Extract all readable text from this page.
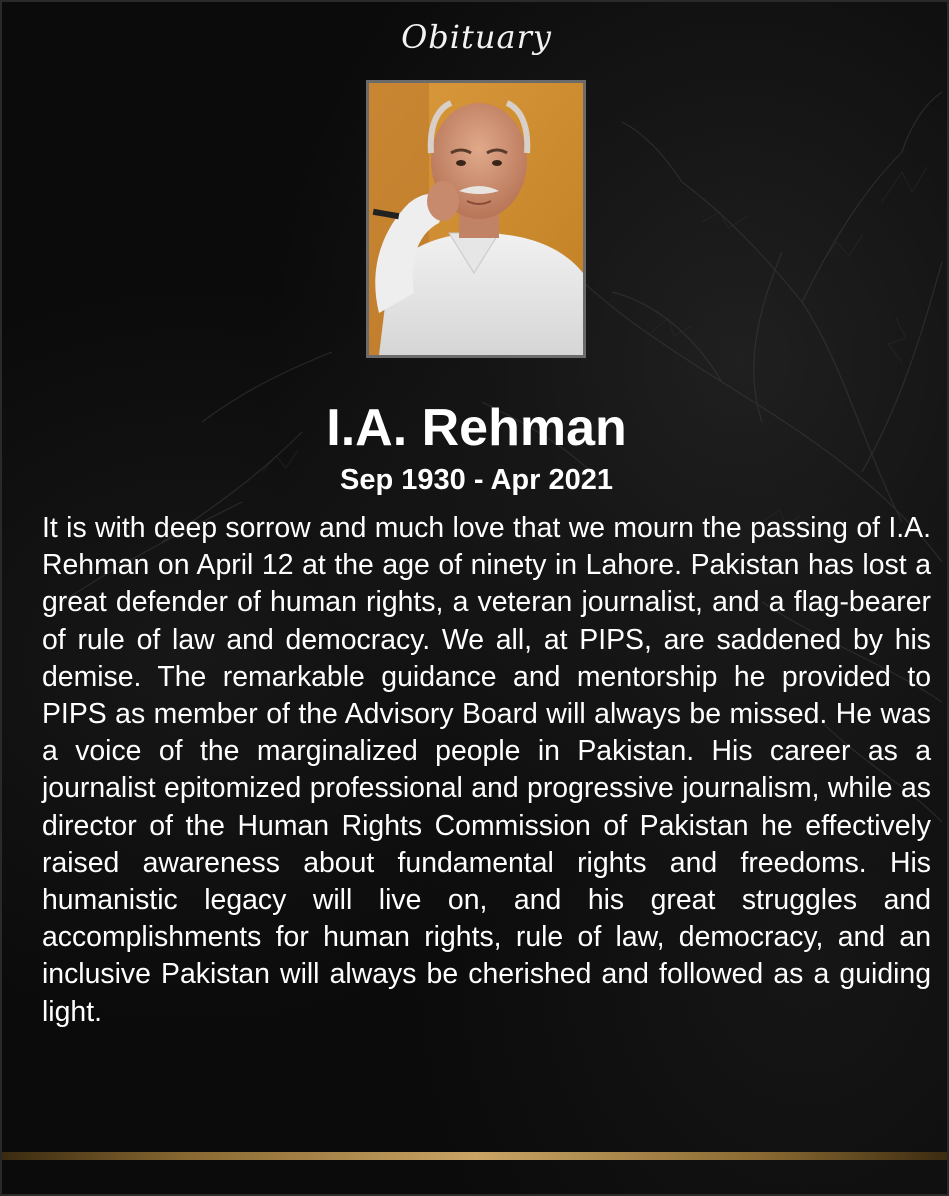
Obituary
I.A. Rehman
Sep 1930 - Apr 2021
It is with deep sorrow and much love that we mourn the passing of I.A. Rehman on April 12 at the age of ninety in Lahore. Pakistan has lost a great defender of human rights, a veteran journalist, and a flag-bearer of rule of law and democracy. We all, at PIPS, are saddened by his demise. The remarkable guidance and mentorship he provided to PIPS as member of the Advisory Board will always be missed. He was a voice of the marginalized people in Pakistan. His career as a journalist epitomized professional and progressive journalism, while as director of the Human Rights Commission of Pakistan he effectively raised awareness about fundamental rights and freedoms. His humanistic legacy will live on, and his great struggles and accomplishments for human rights, rule of law, democracy, and an inclusive Pakistan will always be cherished and followed as a guiding light.
